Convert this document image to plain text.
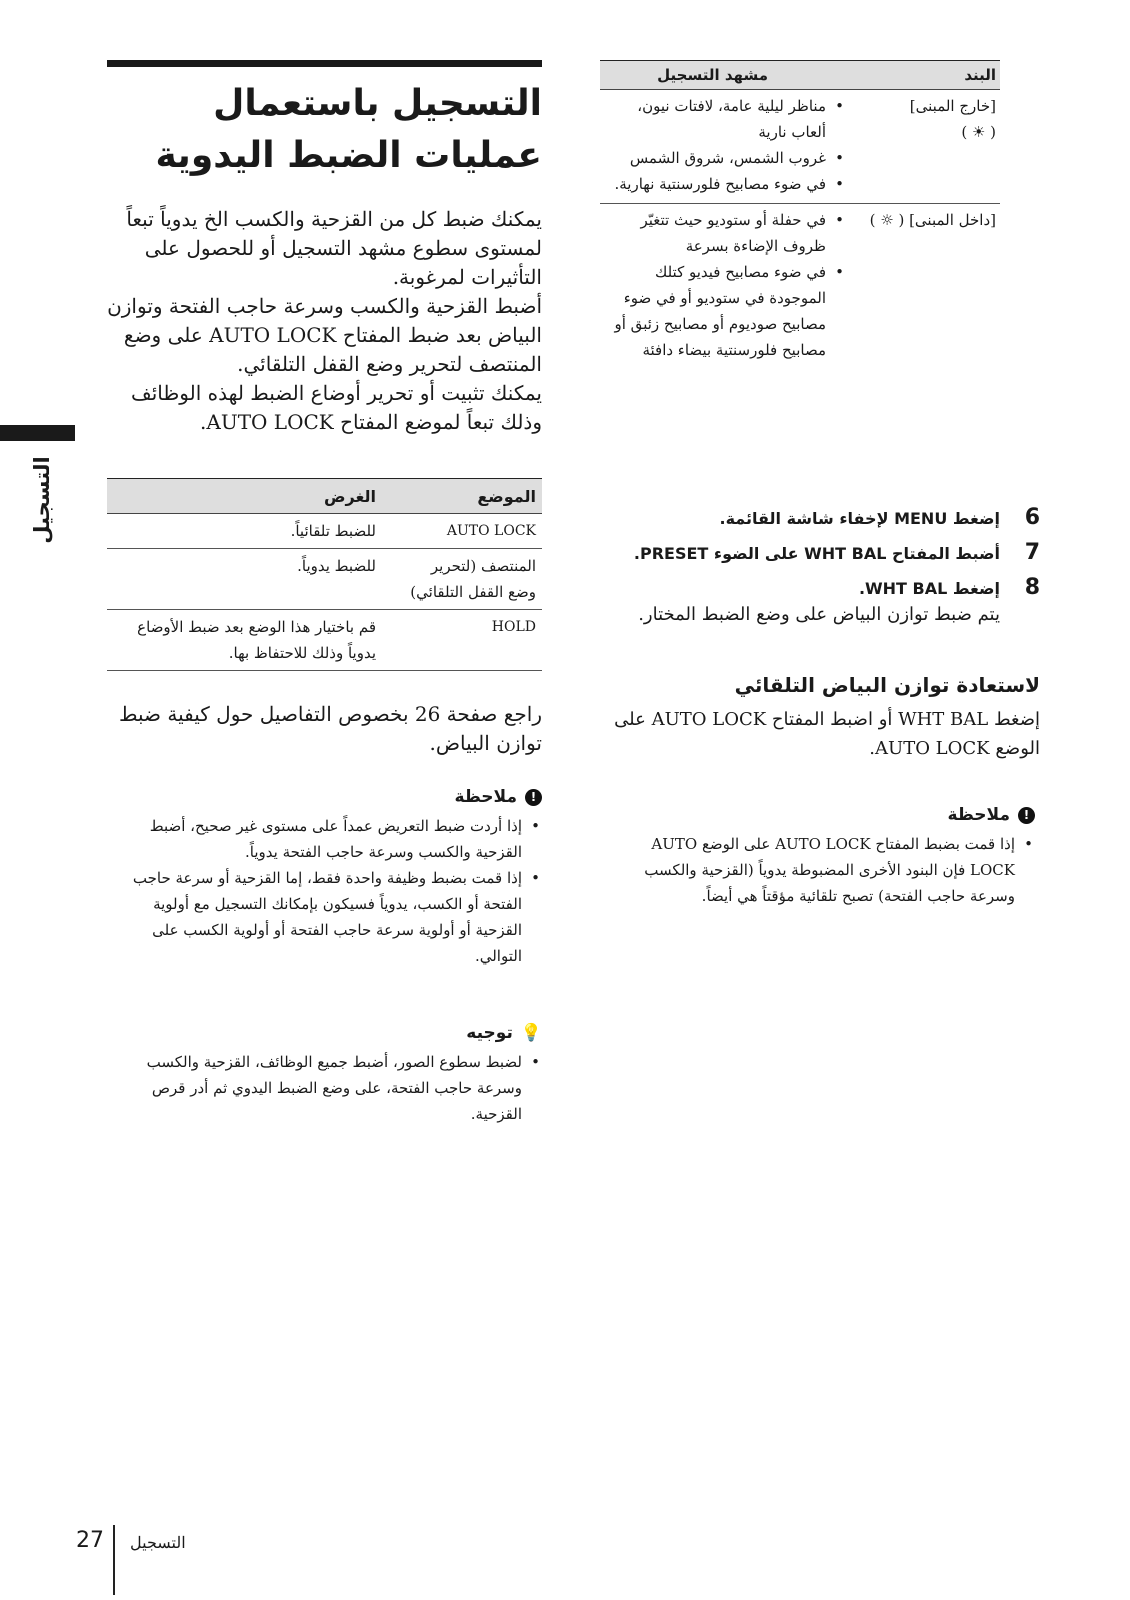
البند
مشهد التسجيل
[خارج المبنى]
( ☀ )
• مناظر ليلية عامة، لافتات نيون، ألعاب نارية
• غروب الشمس، شروق الشمس
• في ضوء مصابيح فلورسنتية نهارية.
[داخل المبنى] ( ☼ )
• في حفلة أو ستوديو حيث تتغيّر ظروف الإضاءة بسرعة
• في ضوء مصابيح فيديو كتلك الموجودة في ستوديو أو في ضوء مصابيح صوديوم أو مصابيح زئبق أو مصابيح فلورسنتية بيضاء دافئة
6
إضغط MENU لإخفاء شاشة القائمة.
7
أضبط المفتاح WHT BAL على الضوء PRESET.
8
إضغط WHT BAL.

يتم ضبط توازن البياض على وضع الضبط المختار.

لاستعادة توازن البياض التلقائي

إضغط WHT BAL أو اضبط المفتاح AUTO LOCK على الوضع AUTO LOCK.

!
ملاحظة
• إذا قمت بضبط المفتاح AUTO LOCK على الوضع AUTO LOCK فإن البنود الأخرى المضبوطة يدوياً (القزحية والكسب وسرعة حاجب الفتحة) تصبح تلقائية مؤقتاً هي أيضاً.
التسجيل باستعمال
عمليات الضبط اليدوية

يمكنك ضبط كل من القزحية والكسب الخ يدوياً تبعاً لمستوى سطوع مشهد التسجيل أو للحصول على التأثيرات لمرغوبة.

أضبط القزحية والكسب وسرعة حاجب الفتحة وتوازن البياض بعد ضبط المفتاح AUTO LOCK على وضع المنتصف لتحرير وضع القفل التلقائي.

يمكنك تثبيت أو تحرير أوضاع الضبط لهذه الوظائف وذلك تبعاً لموضع المفتاح AUTO LOCK.

الموضع
الغرض
AUTO LOCK
للضبط تلقائياً.
المنتصف (لتحرير وضع القفل التلقائي)
للضبط يدوياً.
HOLD
قم باختيار هذا الوضع بعد ضبط الأوضاع يدوياً وذلك للاحتفاظ بها.

راجع صفحة 26 بخصوص التفاصيل حول كيفية ضبط توازن البياض.

!
ملاحظة
• إذا أردت ضبط التعريض عمداً على مستوى غير صحيح، أضبط القزحية والكسب وسرعة حاجب الفتحة يدوياً.
• إذا قمت بضبط وظيفة واحدة فقط، إما القزحية أو سرعة حاجب الفتحة أو الكسب، يدوياً فسيكون بإمكانك التسجيل مع أولوية القزحية أو أولوية سرعة حاجب الفتحة أو أولوية الكسب على التوالي.
💡
توجيه
• لضبط سطوع الصور، أضبط جميع الوظائف، القزحية والكسب وسرعة حاجب الفتحة، على وضع الضبط اليدوي ثم أدر قرص القزحية.
التسجيل
27 التسجيل
